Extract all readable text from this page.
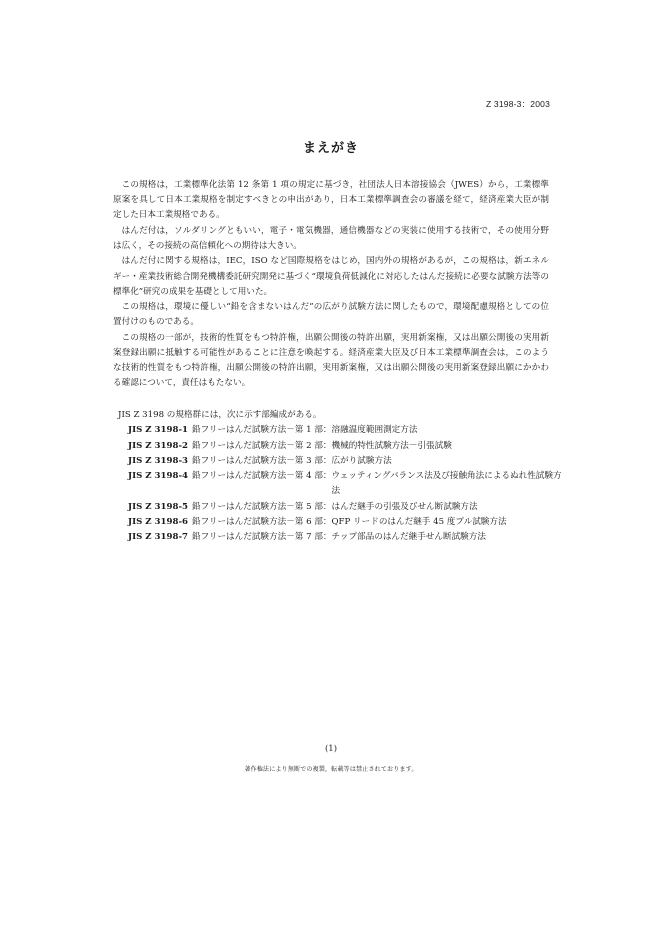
Z 3198-3：2003
まえがき

この規格は，工業標準化法第 12 条第 1 項の規定に基づき，社団法人日本溶接協会（JWES）から，工業標準原案を具して日本工業規格を制定すべきとの申出があり，日本工業標準調査会の審議を経て，経済産業大臣が制定した日本工業規格である。

はんだ付は，ソルダリングともいい，電子・電気機器，通信機器などの実装に使用する技術で，その使用分野は広く，その接続の高信頼化への期待は大きい。

はんだ付に関する規格は，IEC，ISO など国際規格をはじめ，国内外の規格があるが，この規格は，新エネルギー・産業技術総合開発機構委託研究開発に基づく“環境負荷低減化に対応したはんだ接続に必要な試験方法等の標準化”研究の成果を基礎として用いた。

この規格は，環境に優しい“鉛を含まないはんだ”の広がり試験方法に関したもので，環境配慮規格としての位置付けのものである。

この規格の一部が，技術的性質をもつ特許権，出願公開後の特許出願，実用新案権，又は出願公開後の実用新案登録出願に抵触する可能性があることに注意を喚起する。経済産業大臣及び日本工業標準調査会は，このような技術的性質をもつ特許権，出願公開後の特許出願，実用新案権，又は出願公開後の実用新案登録出願にかかわる確認について，責任はもたない。

JIS Z 3198 の規格群には，次に示す部編成がある。

JIS Z 3198-1 鉛フリーはんだ試験方法－第 1 部： 溶融温度範囲測定方法
JIS Z 3198-2 鉛フリーはんだ試験方法－第 2 部： 機械的特性試験方法－引張試験
JIS Z 3198-3 鉛フリーはんだ試験方法－第 3 部： 広がり試験方法
JIS Z 3198-4 鉛フリーはんだ試験方法－第 4 部： ウェッティングバランス法及び接触角法によるぬれ性試験方法
JIS Z 3198-5 鉛フリーはんだ試験方法－第 5 部： はんだ継手の引張及びせん断試験方法
JIS Z 3198-6 鉛フリーはんだ試験方法－第 6 部： QFP リードのはんだ継手 45 度プル試験方法
JIS Z 3198-7 鉛フリーはんだ試験方法－第 7 部： チップ部品のはんだ継手せん断試験方法
(1)
著作権法により無断での複製，転載等は禁止されております。
